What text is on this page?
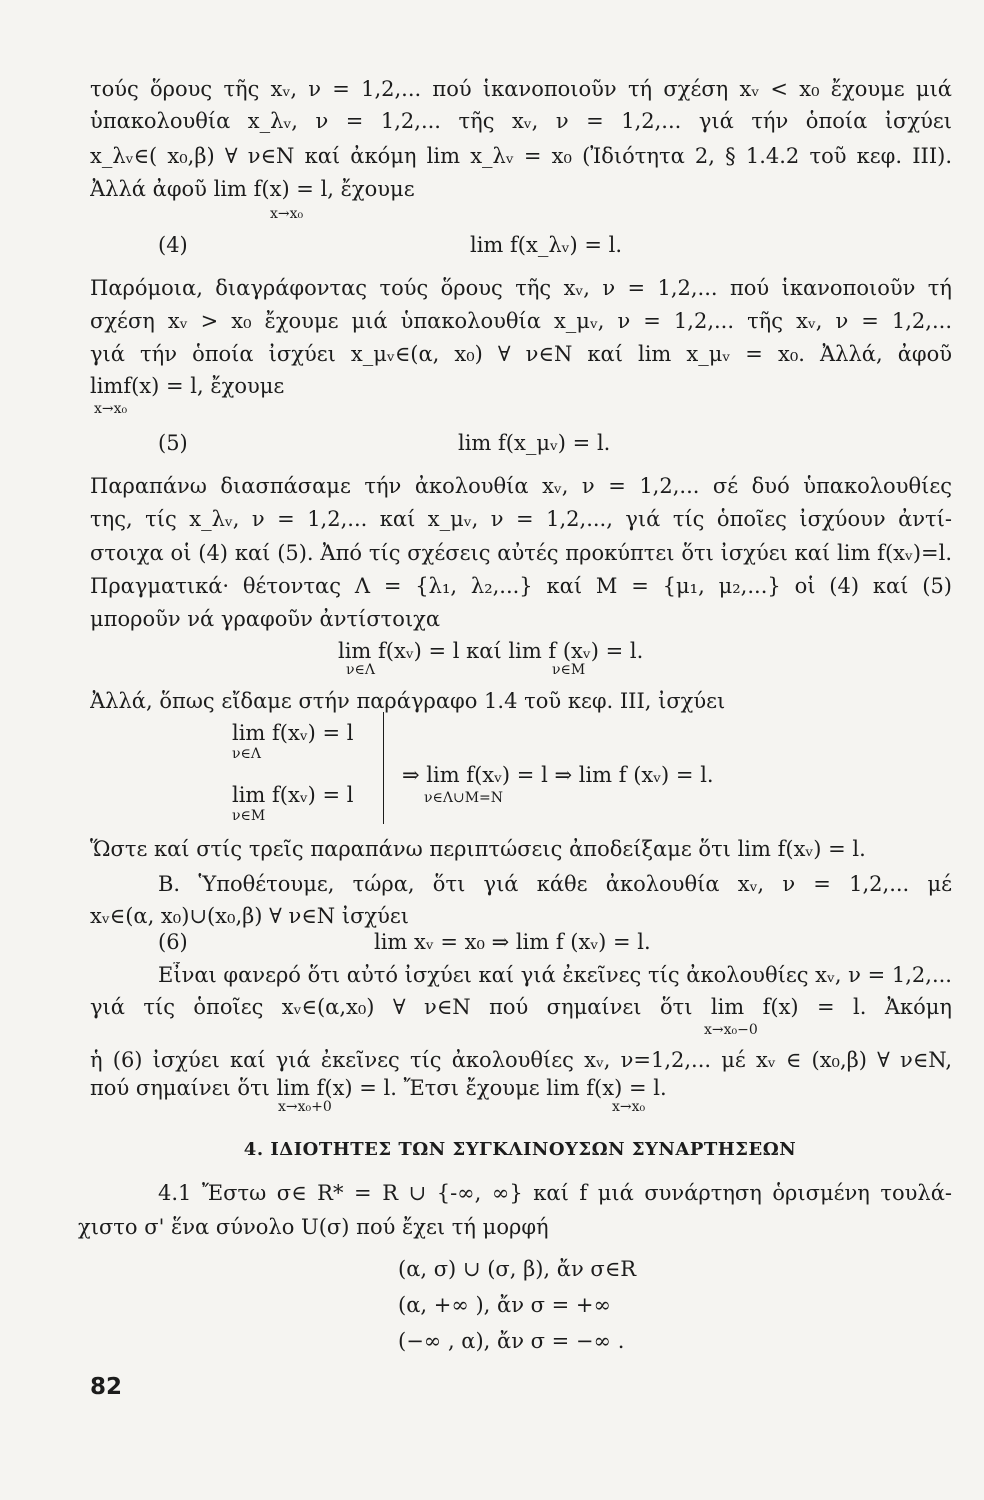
τούς ὅρους τῆς xᵥ, ν = 1,2,... πού ἱκανοποιοῦν τή σχέση xᵥ < x₀ ἔχουμε μιά
ὑπακολουθία x_λᵥ, ν = 1,2,... τῆς xᵥ, ν = 1,2,... γιά τήν ὁποία ἰσχύει
x_λᵥ∈( x₀,β) ∀ ν∈N καί ἀκόμη lim x_λᵥ = x₀ (Ἰδιότητα 2, § 1.4.2 τοῦ κεφ. III).
Ἀλλά ἀφοῦ lim f(x) = l, ἔχουμε
x→x₀
(4)	lim f(x_λᵥ) = l.
Παρόμοια, διαγράφοντας τούς ὅρους τῆς xᵥ, ν = 1,2,... πού ἱκανοποιοῦν τή
σχέση xᵥ > x₀ ἔχουμε μιά ὑπακολουθία x_μᵥ, ν = 1,2,... τῆς xᵥ, ν = 1,2,...
γιά τήν ὁποία ἰσχύει x_μᵥ∈(α, x₀) ∀ ν∈N καί lim x_μᵥ = x₀. Ἀλλά, ἀφοῦ
limf(x) = l, ἔχουμε
x→x₀
(5)	lim f(x_μᵥ) = l.
Παραπάνω διασπάσαμε τήν ἀκολουθία xᵥ, ν = 1,2,... σέ δυό ὑπακολουθίες
της, τίς x_λᵥ, ν = 1,2,... καί x_μᵥ, ν = 1,2,..., γιά τίς ὁποῖες ἰσχύουν ἀντί-
στοιχα οἱ (4) καί (5). Ἀπό τίς σχέσεις αὐτές προκύπτει ὅτι ἰσχύει καί lim f(xᵥ)=l.
Πραγματικά· θέτοντας Λ = {λ₁, λ₂,...} καί M = {μ₁, μ₂,...} οἱ (4) καί (5)
μποροῦν νά γραφοῦν ἀντίστοιχα
lim f(xᵥ) = l καί lim f (xᵥ) = l.
ν∈Λ	ν∈M
Ἀλλά, ὅπως εἴδαμε στήν παράγραφο 1.4 τοῦ κεφ. III, ἰσχύει
lim f(xᵥ) = l
ν∈Λ
⇒ lim f(xᵥ) = l ⇒ lim f (xᵥ) = l.
ν∈Λ∪M=N
lim f(xᵥ) = l
ν∈M
Ὥστε καί στίς τρεῖς παραπάνω περιπτώσεις ἀποδείξαμε ὅτι lim f(xᵥ) = l.
B. Ὑποθέτουμε, τώρα, ὅτι γιά κάθε ἀκολουθία xᵥ, ν = 1,2,... μέ
xᵥ∈(α, x₀)∪(x₀,β) ∀ ν∈N ἰσχύει
(6)	lim xᵥ = x₀ ⇒ lim f (xᵥ) = l.
Εἶναι φανερό ὅτι αὐτό ἰσχύει καί γιά ἐκεῖνες τίς ἀκολουθίες xᵥ, ν = 1,2,...
γιά τίς ὁποῖες xᵥ∈(α,x₀) ∀ ν∈N πού σημαίνει ὅτι lim f(x) = l. Ἀκόμη
x→x₀−0
ἡ (6) ἰσχύει καί γιά ἐκεῖνες τίς ἀκολουθίες xᵥ, ν=1,2,... μέ xᵥ ∈ (x₀,β) ∀ ν∈N,
πού σημαίνει ὅτι lim f(x) = l. Ἔτσι ἔχουμε lim f(x) = l.
x→x₀+0	x→x₀
4. ΙΔΙΟΤΗΤΕΣ ΤΩΝ ΣΥΓΚΛΙΝΟΥΣΩΝ ΣΥΝΑΡΤΗΣΕΩΝ
4.1 Ἔστω σ∈ R* = R ∪ {-∞, ∞} καί f μιά συνάρτηση ὁρισμένη τουλά-
χιστο σ' ἕνα σύνολο U(σ) πού ἔχει τή μορφή
(α, σ) ∪ (σ, β), ἄν σ∈R
(α, +∞ ), ἄν σ = +∞
(−∞ , α), ἄν σ = −∞ .
82
